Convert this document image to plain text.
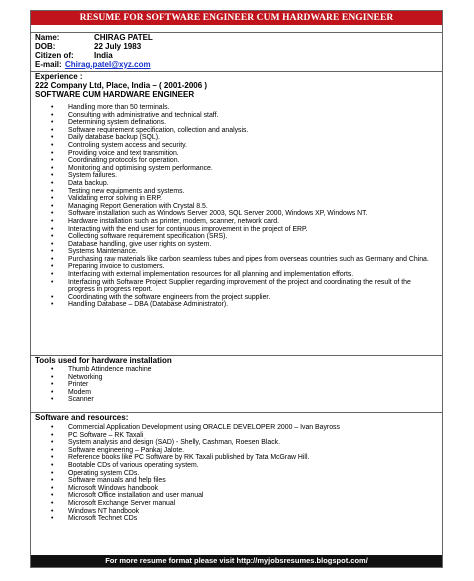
RESUME FOR SOFTWARE ENGINEER CUM HARDWARE ENGINEER
Name:	CHIRAG PATEL
DOB:	22 July 1983
Citizen of:	India
E-mail: Chirag.patel@xyz.com
Experience :
222 Company Ltd, Place, India – ( 2001-2006 )
SOFTWARE CUM HARDWARE ENGINEER
• Handling more than 50 terminals.
• Consulting with administrative and technical staff.
• Determining system definations.
• Software requirement specification, collection and analysis.
• Daily database backup (SQL).
• Controling system access and security.
• Providing voice and text transmition.
• Coordinating protocols for operation.
• Monitoring and optimising system performance.
• System failures.
• Data backup.
• Testing new equipments and systems.
• Validating error solving in ERP.
• Managing Report Generation with Crystal 8.5.
• Software installation such as Windows Server 2003, SQL Server 2000, Windows XP, Windows NT.
• Hardware installation such as printer, modem, scanner, network card.
• Interacting with the end user for continuous improvement in the project of ERP.
• Collecting software requirement specification (SRS).
• Database handling, give user rights on system.
• Systems Maintenance.
• Purchasing raw materials like carbon seamless tubes and pipes from overseas countries such as Germany and China.
• Preparing invoice to customers.
• Interfacing with external implementation resources for all planning and implementation efforts.
• Interfacing with Software Project Supplier regarding improvement of the project and coordinating the result of the progress in progress report.
• Coordinating with the software engineers from the project supplier.
• Handling Database – DBA (Database Administrator).
Tools used for hardware installation
• Thumb Attindence machine
• Networking
• Printer
• Modem
• Scanner
Software and resources:
• Commercial Application Development using ORACLE DEVELOPER 2000 – Ivan Bayross
• PC Software – RK Taxali
• System analysis and design (SAD) - Shelly, Cashman, Roesen Black.
• Software engineering – Pankaj Jalote.
• Reference books like PC Software by RK Taxali published by Tata McGraw Hill.
• Bootable CDs of various operating system.
• Operating system CDs.
• Software manuals and help files
• Microsoft Windows handbook
• Microsoft Office installation and user manual
• Microsoft Exchange Server manual
• Windows NT handbook
• Microsoft Technet CDs
For more resume format please visit http://myjobsresumes.blogspot.com/
